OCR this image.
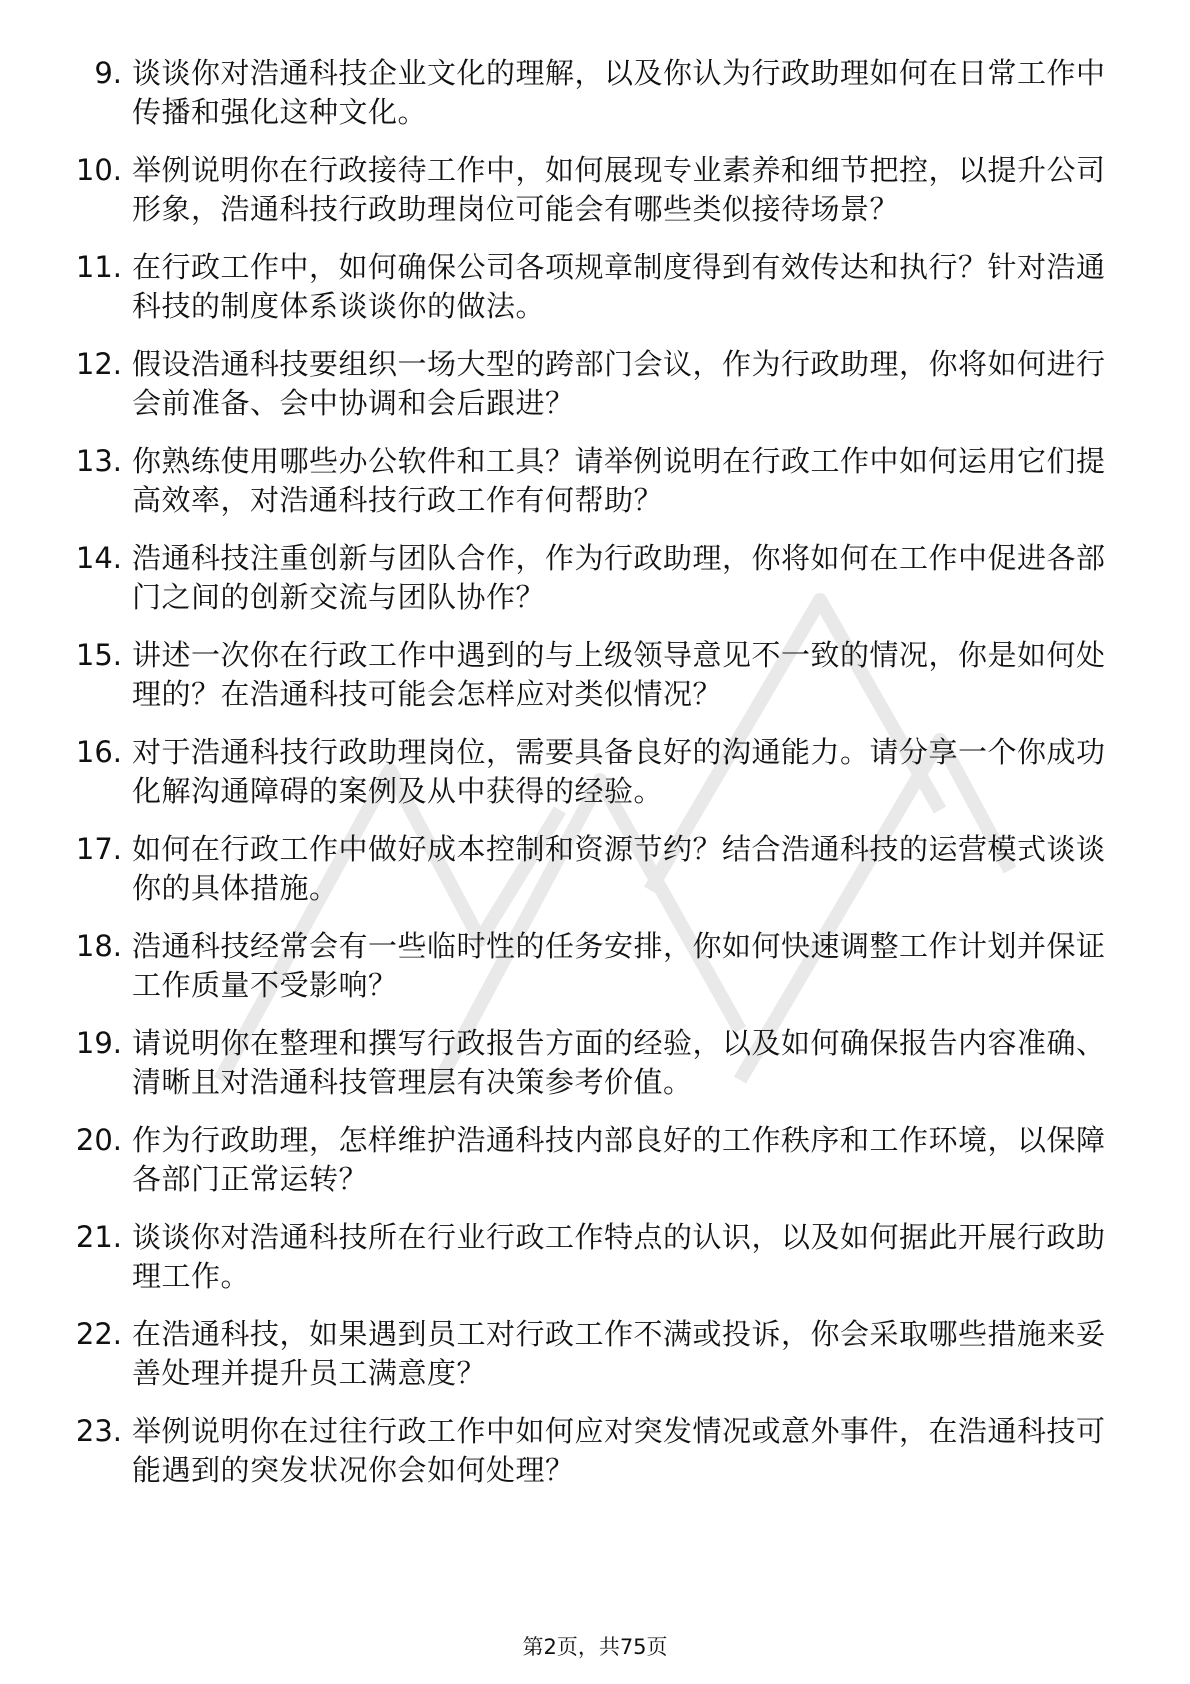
9. 谈谈你对浩通科技企业文化的理解，以及你认为行政助理如何在日常工作中传播和强化这种文化。
10. 举例说明你在行政接待工作中，如何展现专业素养和细节把控，以提升公司形象，浩通科技行政助理岗位可能会有哪些类似接待场景？
11. 在行政工作中，如何确保公司各项规章制度得到有效传达和执行？针对浩通科技的制度体系谈谈你的做法。
12. 假设浩通科技要组织一场大型的跨部门会议，作为行政助理，你将如何进行会前准备、会中协调和会后跟进？
13. 你熟练使用哪些办公软件和工具？请举例说明在行政工作中如何运用它们提高效率，对浩通科技行政工作有何帮助？
14. 浩通科技注重创新与团队合作，作为行政助理，你将如何在工作中促进各部门之间的创新交流与团队协作？
15. 讲述一次你在行政工作中遇到的与上级领导意见不一致的情况，你是如何处理的？在浩通科技可能会怎样应对类似情况？
16. 对于浩通科技行政助理岗位，需要具备良好的沟通能力。请分享一个你成功化解沟通障碍的案例及从中获得的经验。
17. 如何在行政工作中做好成本控制和资源节约？结合浩通科技的运营模式谈谈你的具体措施。
18. 浩通科技经常会有一些临时性的任务安排，你如何快速调整工作计划并保证工作质量不受影响？
19. 请说明你在整理和撰写行政报告方面的经验，以及如何确保报告内容准确、清晰且对浩通科技管理层有决策参考价值。
20. 作为行政助理，怎样维护浩通科技内部良好的工作秩序和工作环境，以保障各部门正常运转？
21. 谈谈你对浩通科技所在行业行政工作特点的认识，以及如何据此开展行政助理工作。
22. 在浩通科技，如果遇到员工对行政工作不满或投诉，你会采取哪些措施来妥善处理并提升员工满意度？
23. 举例说明你在过往行政工作中如何应对突发情况或意外事件，在浩通科技可能遇到的突发状况你会如何处理？
第2页，共75页
